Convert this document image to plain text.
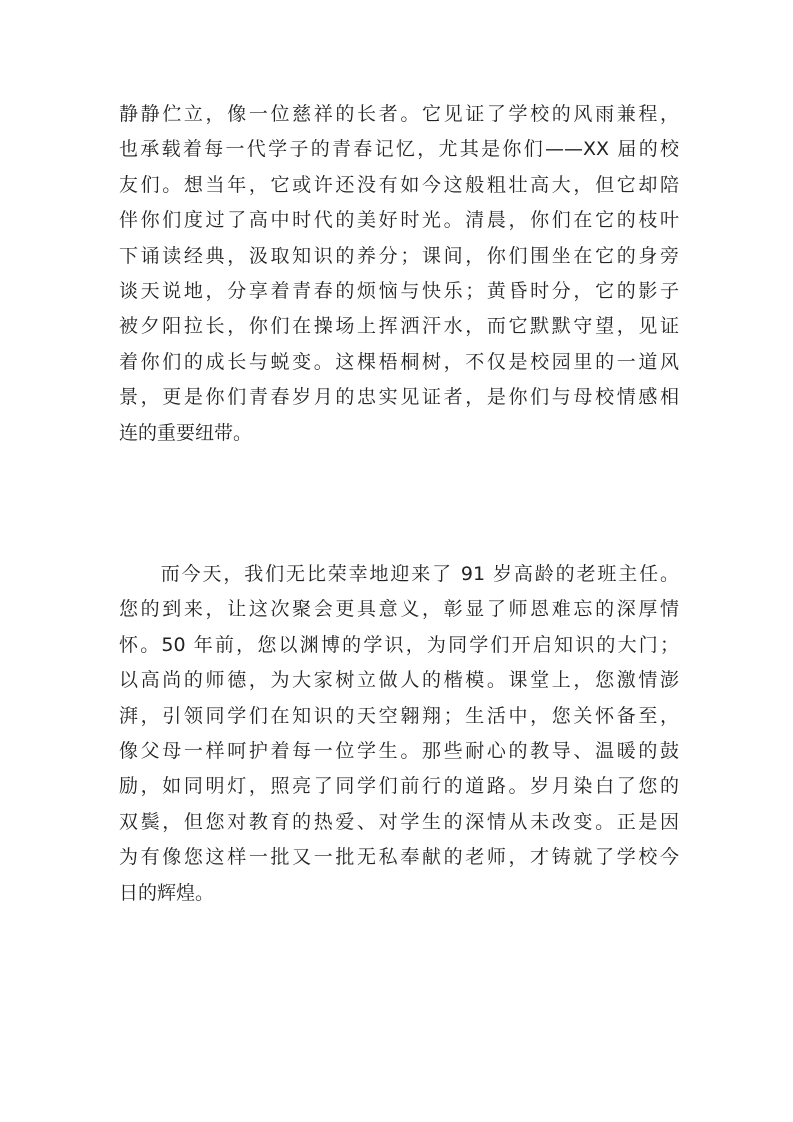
静静伫立，像一位慈祥的长者。它见证了学校的风雨兼程，
也承载着每一代学子的青春记忆，尤其是你们——XX 届的校
友们。想当年，它或许还没有如今这般粗壮高大，但它却陪
伴你们度过了高中时代的美好时光。清晨，你们在它的枝叶
下诵读经典，汲取知识的养分；课间，你们围坐在它的身旁
谈天说地，分享着青春的烦恼与快乐；黄昏时分，它的影子
被夕阳拉长，你们在操场上挥洒汗水，而它默默守望，见证
着你们的成长与蜕变。这棵梧桐树，不仅是校园里的一道风
景，更是你们青春岁月的忠实见证者，是你们与母校情感相
连的重要纽带。
　　而今天，我们无比荣幸地迎来了 91 岁高龄的老班主任。
您的到来，让这次聚会更具意义，彰显了师恩难忘的深厚情
怀。50 年前，您以渊博的学识，为同学们开启知识的大门；
以高尚的师德，为大家树立做人的楷模。课堂上，您激情澎
湃，引领同学们在知识的天空翱翔；生活中，您关怀备至，
像父母一样呵护着每一位学生。那些耐心的教导、温暖的鼓
励，如同明灯，照亮了同学们前行的道路。岁月染白了您的
双鬓，但您对教育的热爱、对学生的深情从未改变。正是因
为有像您这样一批又一批无私奉献的老师，才铸就了学校今
日的辉煌。
